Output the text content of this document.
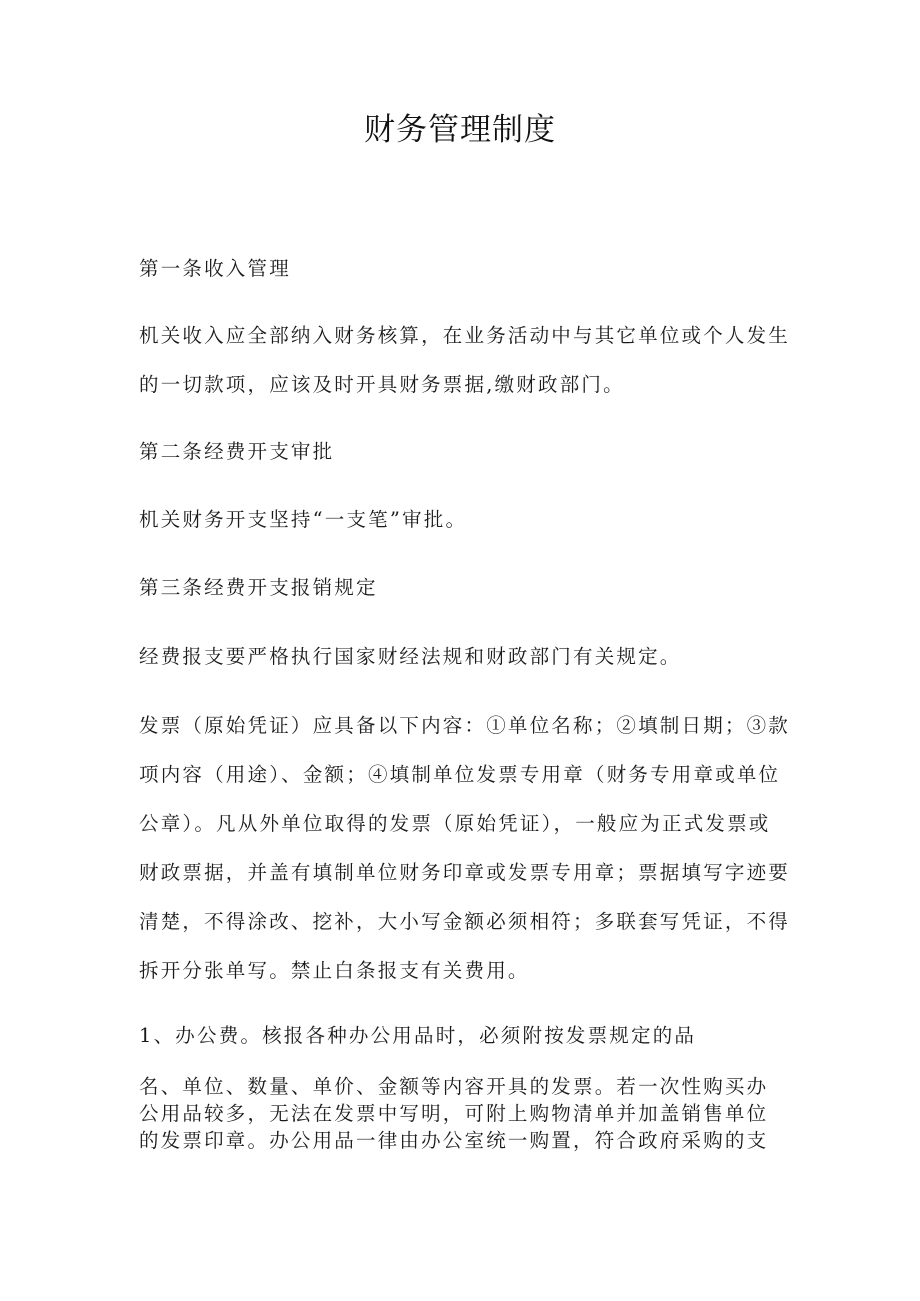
财务管理制度

第一条收入管理

机关收入应全部纳入财务核算，在业务活动中与其它单位或个人发生
的一切款项，应该及时开具财务票据,缴财政部门。

第二条经费开支审批

机关财务开支坚持“一支笔”审批。

第三条经费开支报销规定

经费报支要严格执行国家财经法规和财政部门有关规定。

发票（原始凭证）应具备以下内容：①单位名称；②填制日期；③款
项内容（用途）、金额；④填制单位发票专用章（财务专用章或单位
公章）。凡从外单位取得的发票（原始凭证），一般应为正式发票或
财政票据，并盖有填制单位财务印章或发票专用章；票据填写字迹要
清楚，不得涂改、挖补，大小写金额必须相符；多联套写凭证，不得
拆开分张单写。禁止白条报支有关费用。

1、办公费。核报各种办公用品时，必须附按发票规定的品

名、单位、数量、单价、金额等内容开具的发票。若一次性购买办
公用品较多，无法在发票中写明，可附上购物清单并加盖销售单位
的发票印章。办公用品一律由办公室统一购置，符合政府采购的支
